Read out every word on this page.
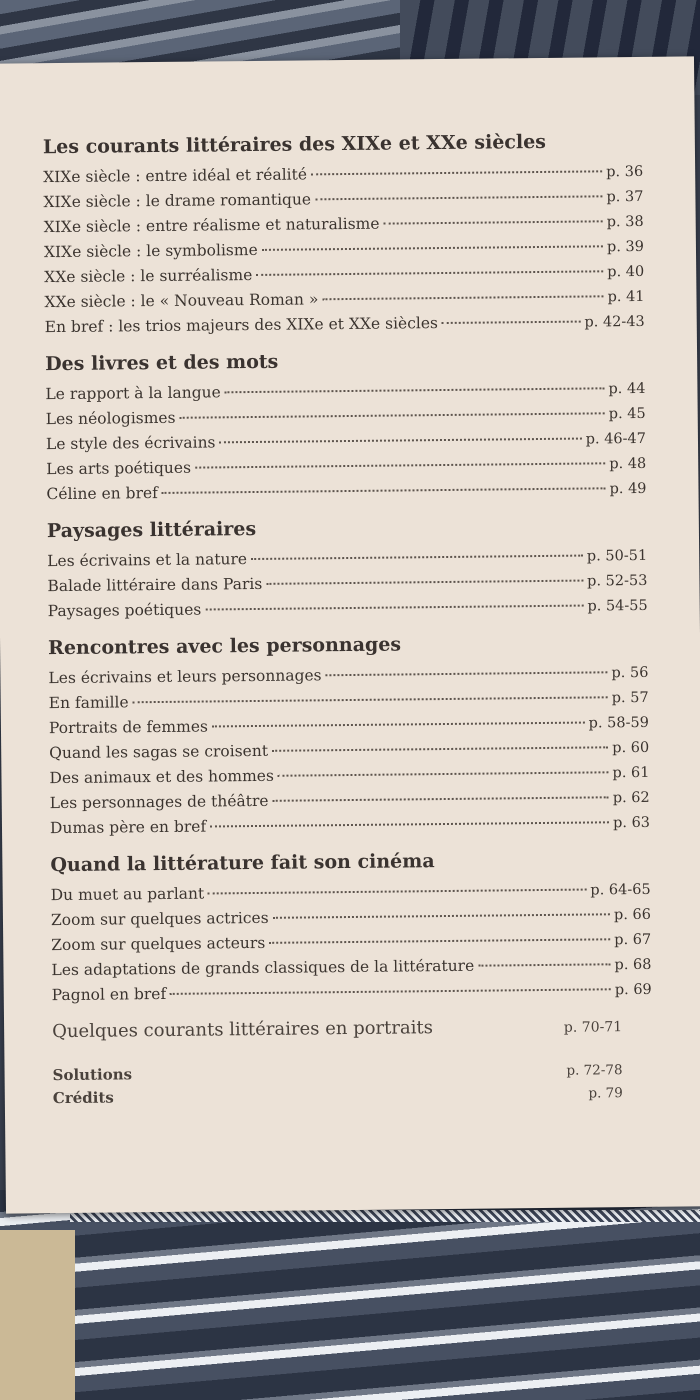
Les courants littéraires des XIXe et XXe siècles
XIXe siècle : entre idéal et réalité	p. 36
XIXe siècle : le drame romantique	p. 37
XIXe siècle : entre réalisme et naturalisme	p. 38
XIXe siècle : le symbolisme	p. 39
XXe siècle : le surréalisme	p. 40
XXe siècle : le « Nouveau Roman »	p. 41
En bref : les trios majeurs des XIXe et XXe siècles	p. 42-43
Des livres et des mots
Le rapport à la langue	p. 44
Les néologismes	p. 45
Le style des écrivains	p. 46-47
Les arts poétiques	p. 48
Céline en bref	p. 49
Paysages littéraires
Les écrivains et la nature	p. 50-51
Balade littéraire dans Paris	p. 52-53
Paysages poétiques	p. 54-55
Rencontres avec les personnages
Les écrivains et leurs personnages	p. 56
En famille	p. 57
Portraits de femmes	p. 58-59
Quand les sagas se croisent	p. 60
Des animaux et des hommes	p. 61
Les personnages de théâtre	p. 62
Dumas père en bref	p. 63
Quand la littérature fait son cinéma
Du muet au parlant	p. 64-65
Zoom sur quelques actrices	p. 66
Zoom sur quelques acteurs	p. 67
Les adaptations de grands classiques de la littérature	p. 68
Pagnol en bref	p. 69
Quelques courants littéraires en portraits	p. 70-71
Solutions	p. 72-78
Crédits	p. 79
